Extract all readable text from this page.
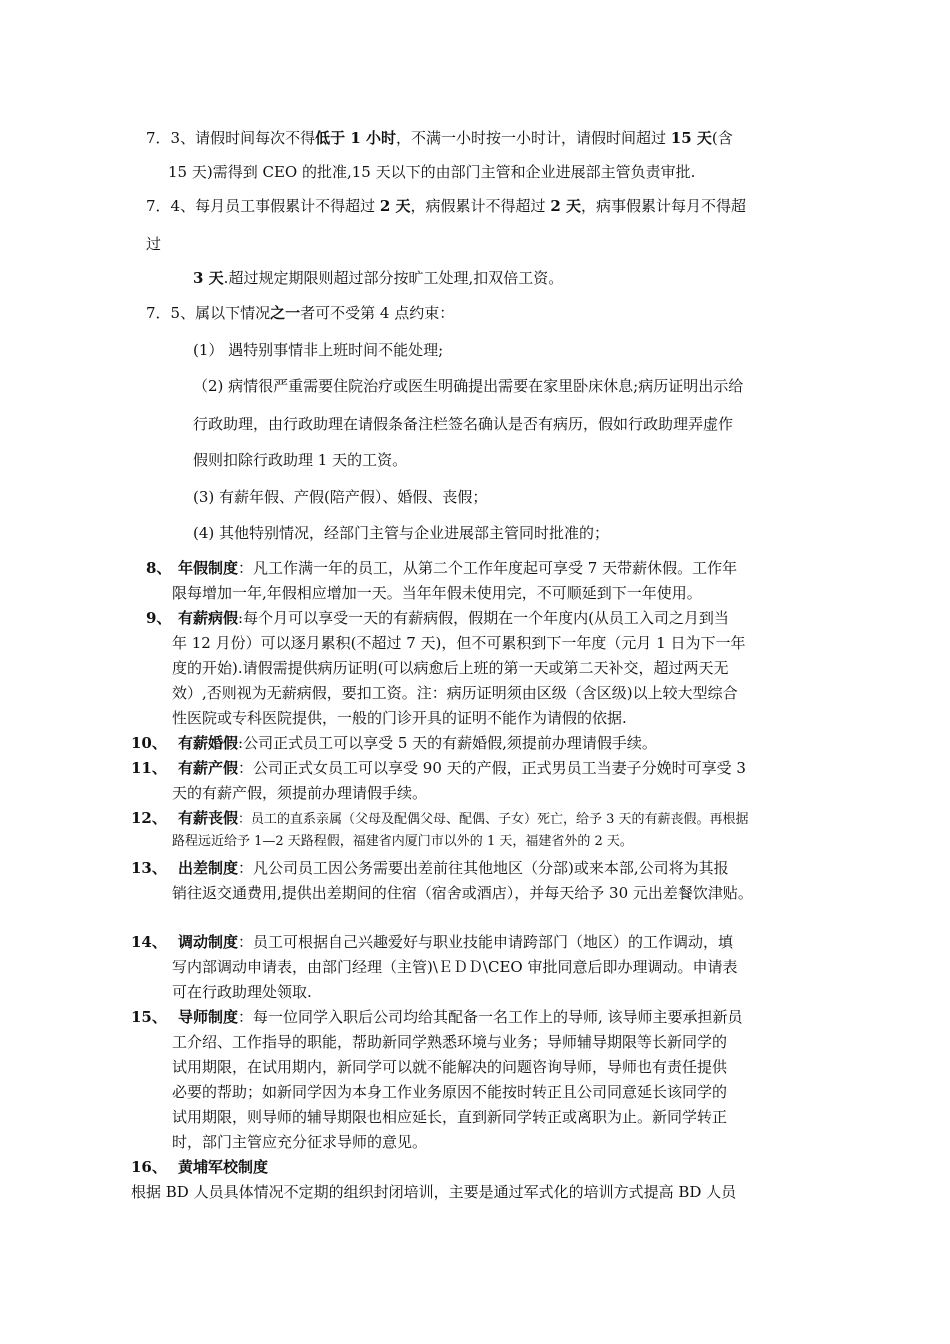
7．3、请假时间每次不得低于 1 小时，不满一小时按一小时计，请假时间超过 15 天(含
15 天)需得到 CEO 的批准,15 天以下的由部门主管和企业进展部主管负责审批.
7．4、每月员工事假累计不得超过 2 天，病假累计不得超过 2 天，病事假累计每月不得超
过
3 天.超过规定期限则超过部分按旷工处理,扣双倍工资。
7．5、属以下情况之一者可不受第 4 点约束：
(1） 遇特别事情非上班时间不能处理;
（2) 病情很严重需要住院治疗或医生明确提出需要在家里卧床休息;病历证明出示给
行政助理，由行政助理在请假条备注栏签名确认是否有病历，假如行政助理弄虚作
假则扣除行政助理 1 天的工资。
(3) 有薪年假、产假(陪产假）、婚假、丧假；
(4) 其他特别情况，经部门主管与企业进展部主管同时批准的；
8、 年假制度：凡工作满一年的员工，从第二个工作年度起可享受 7 天带薪休假。工作年
限每增加一年,年假相应增加一天。当年年假未使用完，不可顺延到下一年使用。
9、 有薪病假:每个月可以享受一天的有薪病假，假期在一个年度内(从员工入司之月到当
年 12 月份）可以逐月累积(不超过 7 天)，但不可累积到下一年度（元月 1 日为下一年
度的开始).请假需提供病历证明(可以病愈后上班的第一天或第二天补交，超过两天无
效）,否则视为无薪病假，要扣工资。注：病历证明须由区级（含区级)以上较大型综合
性医院或专科医院提供，一般的门诊开具的证明不能作为请假的依据.
10、 有薪婚假:公司正式员工可以享受 5 天的有薪婚假,须提前办理请假手续。
11、 有薪产假：公司正式女员工可以享受 90 天的产假，正式男员工当妻子分娩时可享受 3
天的有薪产假，须提前办理请假手续。
12、 有薪丧假：员工的直系亲属（父母及配偶父母、配偶、子女）死亡，给予 3 天的有薪丧假。再根据
路程远近给予 1—2 天路程假，福建省内厦门市以外的 1 天，福建省外的 2 天。
13、 出差制度：凡公司员工因公务需要出差前往其他地区（分部)或来本部,公司将为其报
销往返交通费用,提供出差期间的住宿（宿舍或酒店），并每天给予 30 元出差餐饮津贴。
14、 调动制度：员工可根据自己兴趣爱好与职业技能申请跨部门（地区）的工作调动，填
写内部调动申请表，由部门经理（主管)\ＥＤＤ\CEO 审批同意后即办理调动。申请表
可在行政助理处领取.
15、 导师制度：每一位同学入职后公司均给其配备一名工作上的导师, 该导师主要承担新员
工介绍、工作指导的职能，帮助新同学熟悉环境与业务；导师辅导期限等长新同学的
试用期限，在试用期内，新同学可以就不能解决的问题咨询导师，导师也有责任提供
必要的帮助；如新同学因为本身工作业务原因不能按时转正且公司同意延长该同学的
试用期限，则导师的辅导期限也相应延长，直到新同学转正或离职为止。新同学转正
时，部门主管应充分征求导师的意见。
16、 黄埔军校制度
根据 BD 人员具体情况不定期的组织封闭培训，主要是通过军式化的培训方式提高 BD 人员
